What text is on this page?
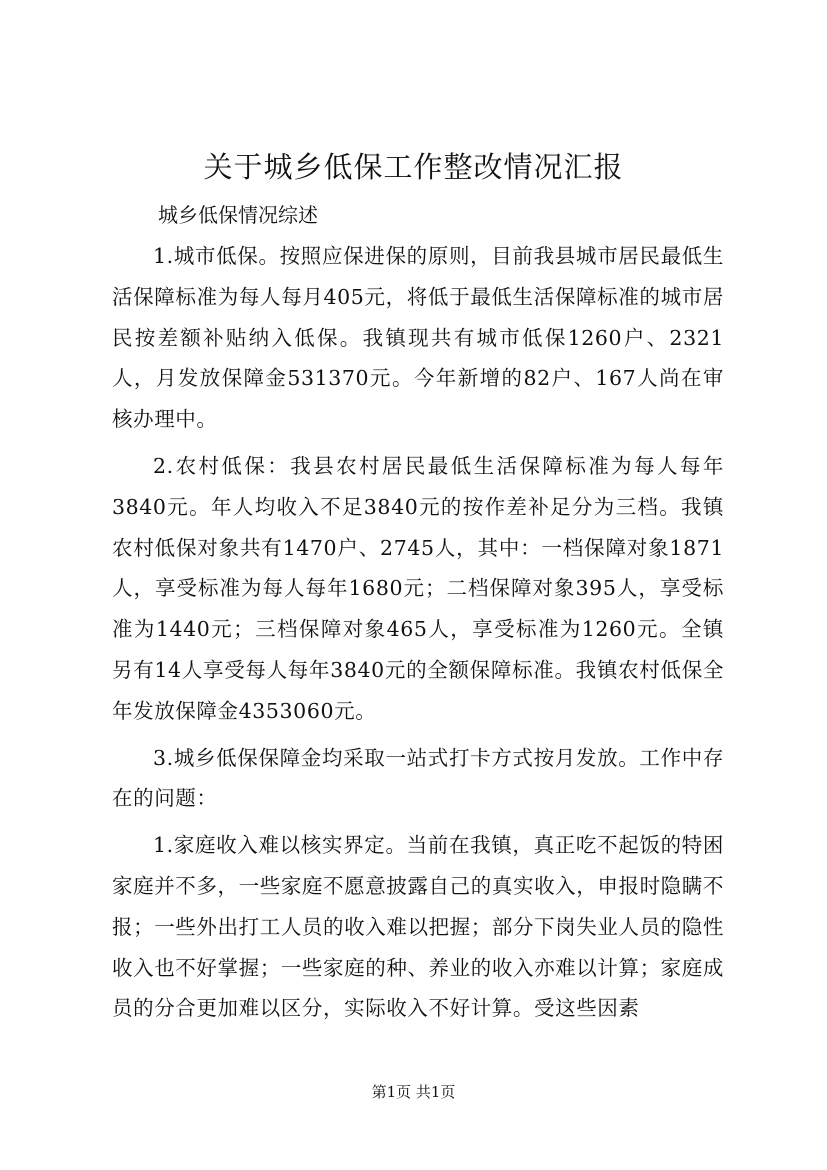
关于城乡低保工作整改情况汇报
城乡低保情况综述

1.城市低保。按照应保进保的原则，目前我县城市居民最低生活保障标准为每人每月405元，将低于最低生活保障标准的城市居民按差额补贴纳入低保。我镇现共有城市低保1260户、2321人，月发放保障金531370元。今年新增的82户、167人尚在审核办理中。

2.农村低保：我县农村居民最低生活保障标准为每人每年3840元。年人均收入不足3840元的按作差补足分为三档。我镇农村低保对象共有1470户、2745人，其中：一档保障对象1871人，享受标准为每人每年1680元；二档保障对象395人，享受标准为1440元；三档保障对象465人，享受标准为1260元。全镇另有14人享受每人每年3840元的全额保障标准。我镇农村低保全年发放保障金4353060元。

3.城乡低保保障金均采取一站式打卡方式按月发放。工作中存在的问题：

1.家庭收入难以核实界定。当前在我镇，真正吃不起饭的特困家庭并不多，一些家庭不愿意披露自己的真实收入，申报时隐瞒不报；一些外出打工人员的收入难以把握；部分下岗失业人员的隐性收入也不好掌握；一些家庭的种、养业的收入亦难以计算；家庭成员的分合更加难以区分，实际收入不好计算。受这些因素

第1页 共1页
